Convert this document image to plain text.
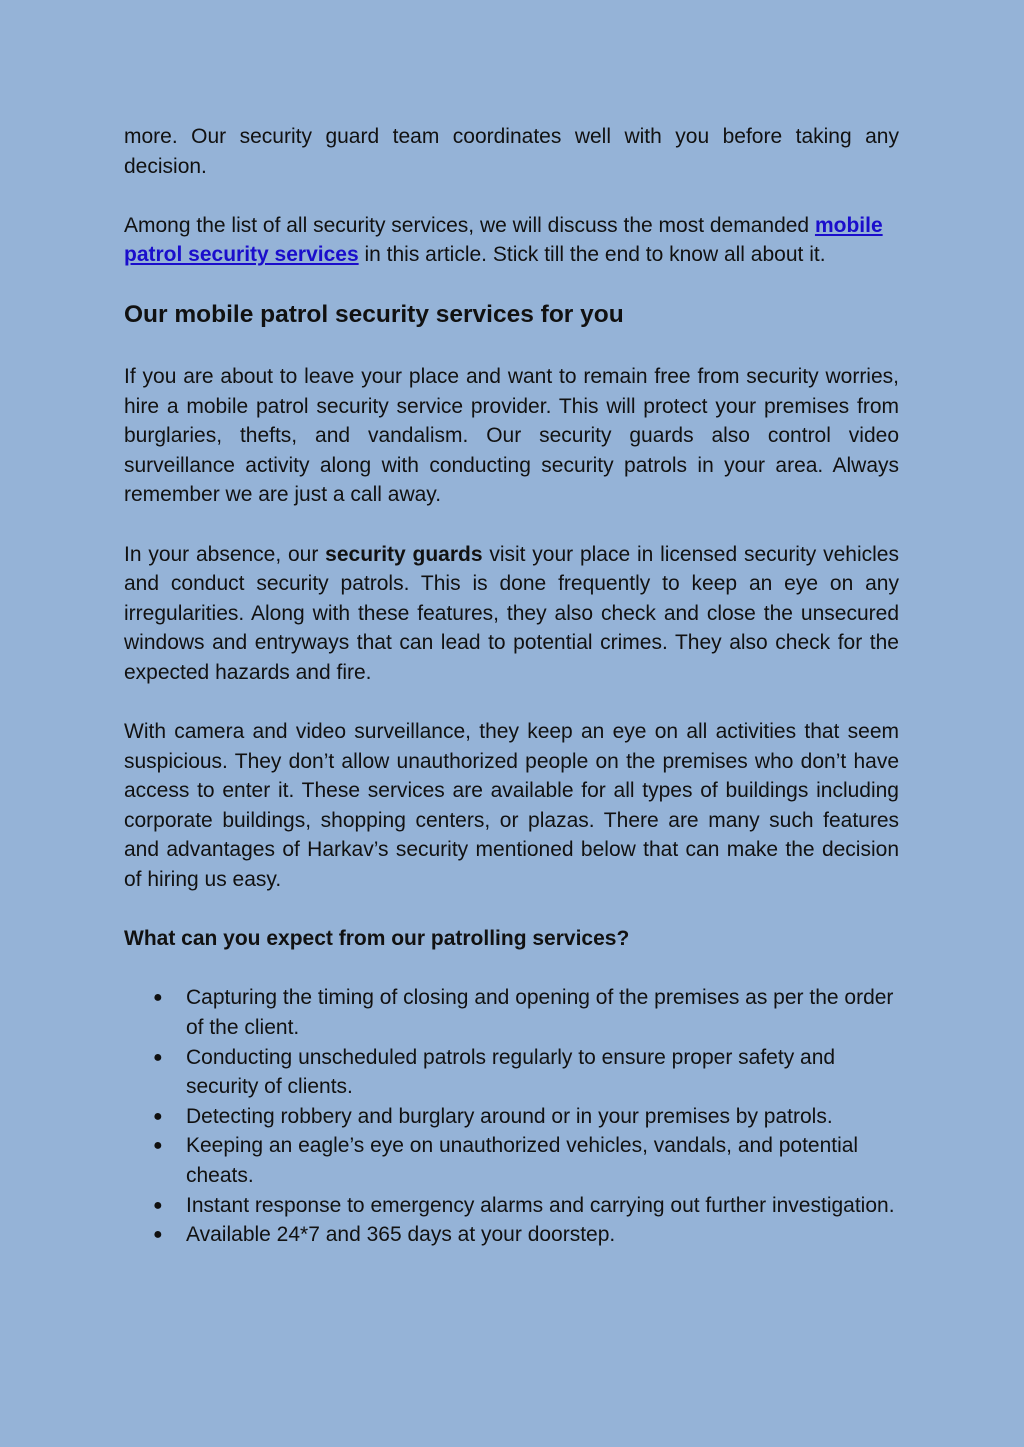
more. Our security guard team coordinates well with you before taking any decision.

Among the list of all security services, we will discuss the most demanded mobile patrol security services in this article. Stick till the end to know all about it.

Our mobile patrol security services for you

If you are about to leave your place and want to remain free from security worries, hire a mobile patrol security service provider. This will protect your premises from burglaries, thefts, and vandalism. Our security guards also control video surveillance activity along with conducting security patrols in your area. Always remember we are just a call away.

In your absence, our security guards visit your place in licensed security vehicles and conduct security patrols. This is done frequently to keep an eye on any irregularities. Along with these features, they also check and close the unsecured windows and entryways that can lead to potential crimes. They also check for the expected hazards and fire.

With camera and video surveillance, they keep an eye on all activities that seem suspicious. They don’t allow unauthorized people on the premises who don’t have access to enter it. These services are available for all types of buildings including corporate buildings, shopping centers, or plazas. There are many such features and advantages of Harkav’s security mentioned below that can make the decision of hiring us easy.

What can you expect from our patrolling services?

● Capturing the timing of closing and opening of the premises as per the order of the client.
● Conducting unscheduled patrols regularly to ensure proper safety and security of clients.
● Detecting robbery and burglary around or in your premises by patrols.
● Keeping an eagle’s eye on unauthorized vehicles, vandals, and potential cheats.
● Instant response to emergency alarms and carrying out further investigation.
● Available 24*7 and 365 days at your doorstep.
